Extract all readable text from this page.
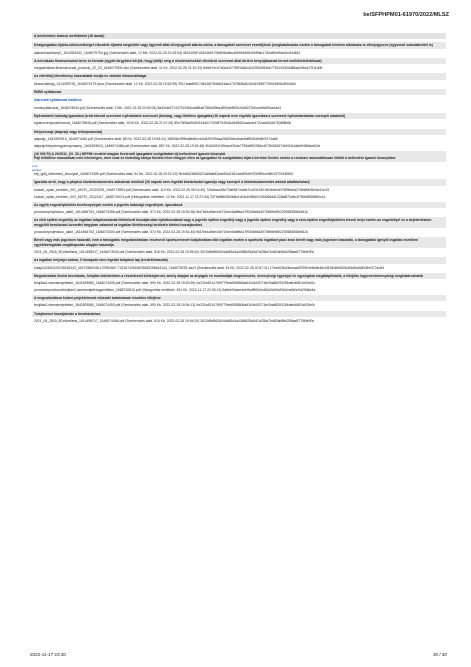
be/SFPHPM01-61970/2022/MLSZ
A kérelemhez tartozó mellékletek (18 darab)
Közigazgatási eljárás-kötelezettséget elkezdett eljárást megindító vagy ügyvédi által ellenjegyzett aláírás minta, a támogatott szervezet vezetőjének (meghatalmazás esetén a támogatott kérelem aláírására is ellenjegyezve (egyszerű számlakivétel is)
alairasimpeldany2_1614351042_1646079754.jpg (Szerkesztés alatt, 12 Mb, 2022-02-28 21:05:54) 4631155f7c5304b6170fd698ddbcd9ef4f4496406f9ab17d0dfb3b9da2b41fd483
A beruházás finanszírozást terve és formáé (egyéb tárgyként kérjük, hogy jelölje meg a részletezésekkel ellenőrző szervezet által történt benyújtásának ternek mellékletet/változat)
megvalositasi-finanszirozasi_porozdo_22_23_1646079303.xlsx (Szerkesztés alatt, 11 Kb, 2022-02-28 21:10:33) fb5647ec07a0cd4273991d8a11b225f2bf15cb7791134304d88aa2d6e107f11a0b
Az eltérőt/új létesítmény használatát módja és várható kihasználtsága
kihasznaltsag_1614499726_1646074379.docx (Szerkesztés alatt, 12 Kb, 2022-02-28 19:52:59) 2917adadf0f17d6166f7846bf14ab4747f808a5240d1939877f2b43896cf592d84
EMMI nyilatkozat
Alárendő nyilatkozat letöltése
emminyilatkozat_1646078044.pdf (Szerkesztés alatt, 2 Mb, 2022-02-28 20:54:04) 8a43cfa727447021f06ca686a6758d4f9ba4892afd9f2b2d46237b0cce66df0ca2ad3
Nyilvántartó hatóság igazolása (a kérelmező szervezet nyilvántartó szervezet (bíróság, vagy illetékes igazgatás) 30 napnál nem régebbi igazolása a szervezet nyilvántartásban szereplő adatairól)
egnitonvenyszekkivonat_1646078845.pdf (Szerkesztés alatt, 1016 Kb, 2022-02-28 21:07:25) 89c7505ad9400144a01702987049c4c6e8520caacbe4722aa6316d7636f8b0b
Helyszínrajz (alaprajz vagy térképmásolat)
alaprajz_1641593919_1646074481.pdf (Szerkesztés alatt, 68 Kb, 2022-02-28 19:54:41) 1f6936e1f9fba8ea5cce1b829339caa2b829efcdbae5dff8284b94b9374a68
alaprajzhelyszinegyenrajzosanp_1641593624_1646074488.pdf (Szerkesztés alatt, 857 Kb, 2022-02-28 19:54:48) 0f160451f1f5dccd30da7798a8f00384e40784180674b02d14a8d9484fae62af
(16 000 Ft) A 20/2011. (VI. 30.) NEFMI rendelet alapján fizetendő igazgatási szolgáltatási díj befizetését igazoló bizonylat
Pájl feltöltése manuálisan nem lehetséges, mert csak és kizárólag kártya fizetést lehet elfogyni ellen az Igazgatási és szolgáltatási díjat a kérelem fizetés esetén a rendszer automatikusan feltölti a befizetést igazoló bizonylatot
Link
letöltés
etp_igdij_befizetesi_bizonylat_1646074389.pdf (Szerkesztés alatt, 64 Kb, 2022-02-28 20:02:19) 9e1d5626583622a66ab82adb54d2181ddcff0fa929309ff4ce980197001f8500
Igazolás arról, hogy a pályázó köztartozásmentes adózónak minősül (30 napnál nem régebbi köztartozást igazolja vagy szerepel a köztartozásmentes adózói adatbázisban)
koztart_oplan_kerelem_001_61970_20220225_1645773853.pdf (Szerkesztés alatt, 110 Kb, 2022-02-25 08:24:40) 72fa5cea38e73d63874afde7c40314501f60bb4b49789fbc0a278bbf0b9b0be10c43
koztart_oplan_kerelem_002_61970_20221117_1668720474.pdf (Hiánypótlás melléklet, 12 Kb, 2022-11-17 22:27:54) 3379e88bf384b8cd1b3e1b98d01530068dd1228a8f70a5c1f7f5fdf5f26860c1e
Az egyéb engedélyköteles tevékenységek esetén a jogerős hatósági engedélyek, igazolások
porozdoeprojetdoco_alairt_1614466763_1646074356.pdf (Szerkesztés alatt, 574 Kb, 2022-02-28 19:52:36) f6d7bb4a9de44e72cbe4fa8fea47f9348e8a3076569e6f02205583658e812c
Az első építési engedély az ingatlan tulajdonosának feltételeztt hozzájárulási nyilatkozatával vagy a jogerős építési engedély vagy a jogerős építési engedély vagy a nem-építési engedélyköteles tervek helyi esetén az engedéllyel és a bejelentésben megjelölt beruházási övezettel tárgyban valamint az ingatlan illetékességi területén történt hozzájárulást
porozdoeprojetdoco_alairt_1614466763_1646074300.pdf (Szerkesztés alatt, 574 Kb, 2022-02-28 19:51:40) f6d7bb4a9de44e72cbe4fa8fea47f9348e8a3076569e6f02205583658e812c
Bérelt vagy más jogcímen használt, nem a támogatás megvalósításban résztvevő sportszervezet tulajdonában álló ingatlan esetén a sportcélú ingatlant piaci áron bérelt vagy más jogcímen használó, a támogatást igénylő ingatlan esetében egyéb/befoglalás megállapodás alapján használja
2021_06_2818_5DofIcellans_1614499217_1646074540.pdf (Szerkesztés alatt, 616 Kb, 2022-02-28 19:55:40) 3023d8d962604dd6844a4086625a5d7a238a7bd82ab5b6258aa87756fe90c
Az ingatlan helyrajzi száma, 3 hónapnál nem régebbi tulajdoni lap (eredeti/másolat)
tullap042520220228185142_40137860248-137892667-74234742604675685256644144_1646078251.asc3 (Szerkesztés alatt, 34 Kb, 2022-02-28 20:57:31) 17eed03bc0bceaa0f76904e8e8e46c0f1f0b4fb6826d26d5a6d81f6ef372ec84
Megvalósítást lövést beruházás, felújítás tekintetében a részletezett költségtervet, amely alapján az anyagok és munkadíjak megnevezése, mennyiségi egységei és egységárai megállapíthatók, a felújítás ingyenes/mennyiségi meghatározhatók
felujitas2.utemsemjeltetari_1641593580_1646074439.pdf (Szerkesztés alatt, 590 Kb, 2022-02-28 19:53:59) 0a232e8214769f779ed6558806a6344b42071fe2ba8629325bdeb4681b403e0c
porozdoeprotdoco/felujitas2.utemsemjeletogyeritlleen_1668720810.pdf (Hiánypótlás melléklet, 491 Kb, 2022-11-17 22:30:13) 9a6eb04aee4eb9bdf90b0ed63c0dd0c83e0ea6b0c0d29d6a3a
A megvalósításra kívánt projektelemek műszaki tartalmának részletes kifejtése
felujitas2.utemsemjeltetari_1641593580_1646074453.pdf (Szerkesztés alatt, 590 Kb, 2022-02-28 19:54:13) 0a232e8214769f779ed6558806a6344b42071fe2ba8629325bdeb4681b403e0c
Tulajdonosi hozzájárulás a beruházáshoz
2021_06_2818_5DofIcellans_1614499217_1646074466.pdf (Szerkesztés alatt, 616 Kb, 2022-02-28 19:54:26) 3023d8d962604dd6844a4086625a5d7a238a7bd82ab5b6258aa87756fe90c
2022-11-17 23:30	30 / 30
